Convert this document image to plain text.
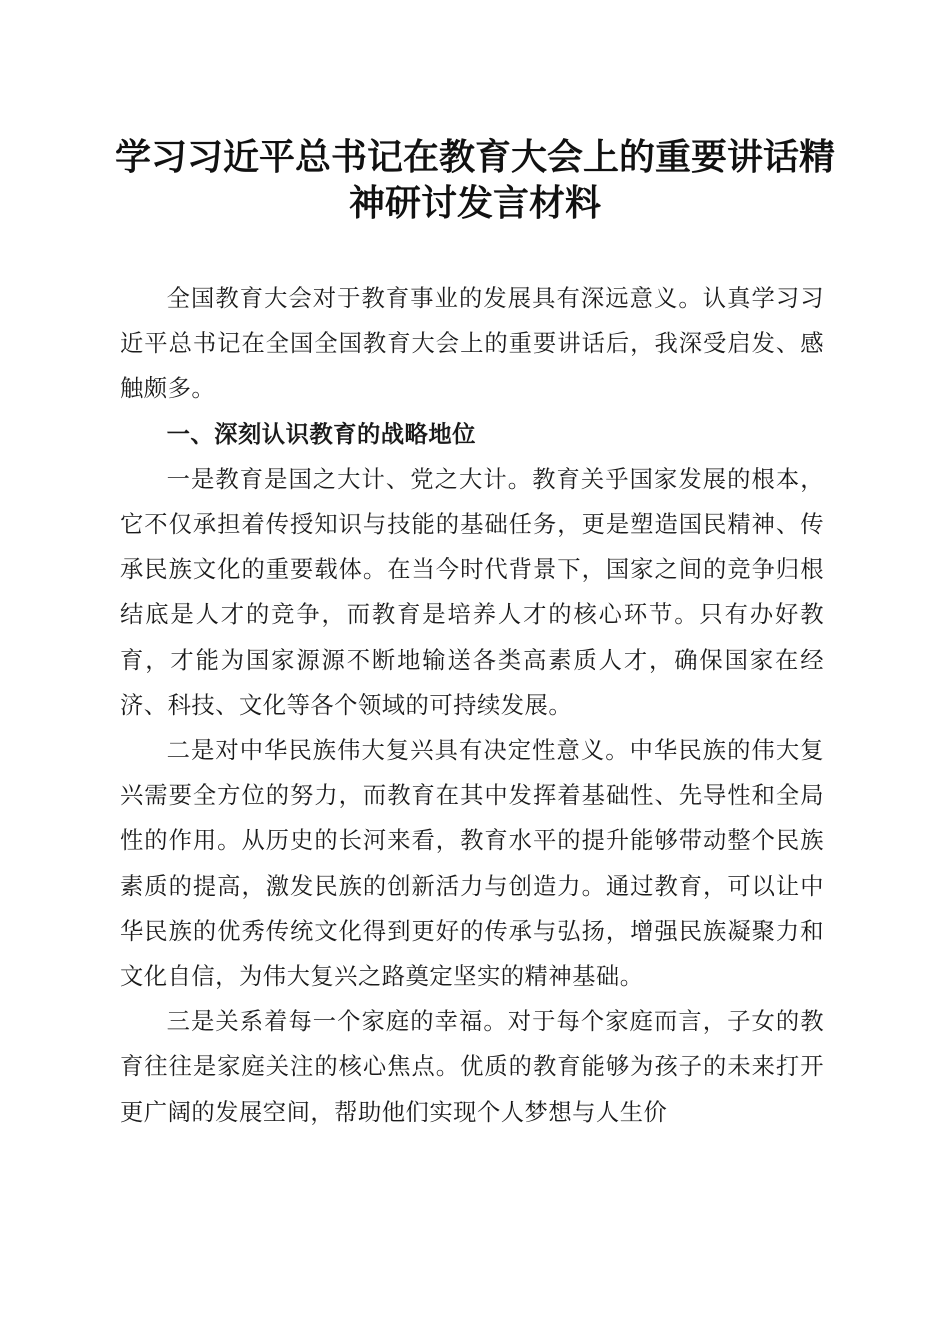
学习习近平总书记在教育大会上的重要讲话精
神研讨发言材料

全国教育大会对于教育事业的发展具有深远意义。认真学习习近平总书记在全国全国教育大会上的重要讲话后，我深受启发、感触颇多。

一、深刻认识教育的战略地位

一是教育是国之大计、党之大计。教育关乎国家发展的根本，它不仅承担着传授知识与技能的基础任务，更是塑造国民精神、传承民族文化的重要载体。在当今时代背景下，国家之间的竞争归根结底是人才的竞争，而教育是培养人才的核心环节。只有办好教育，才能为国家源源不断地输送各类高素质人才，确保国家在经济、科技、文化等各个领域的可持续发展。

二是对中华民族伟大复兴具有决定性意义。中华民族的伟大复兴需要全方位的努力，而教育在其中发挥着基础性、先导性和全局性的作用。从历史的长河来看，教育水平的提升能够带动整个民族素质的提高，激发民族的创新活力与创造力。通过教育，可以让中华民族的优秀传统文化得到更好的传承与弘扬，增强民族凝聚力和文化自信，为伟大复兴之路奠定坚实的精神基础。

三是关系着每一个家庭的幸福。对于每个家庭而言，子女的教育往往是家庭关注的核心焦点。优质的教育能够为孩子的未来打开更广阔的发展空间，帮助他们实现个人梦想与人生价
